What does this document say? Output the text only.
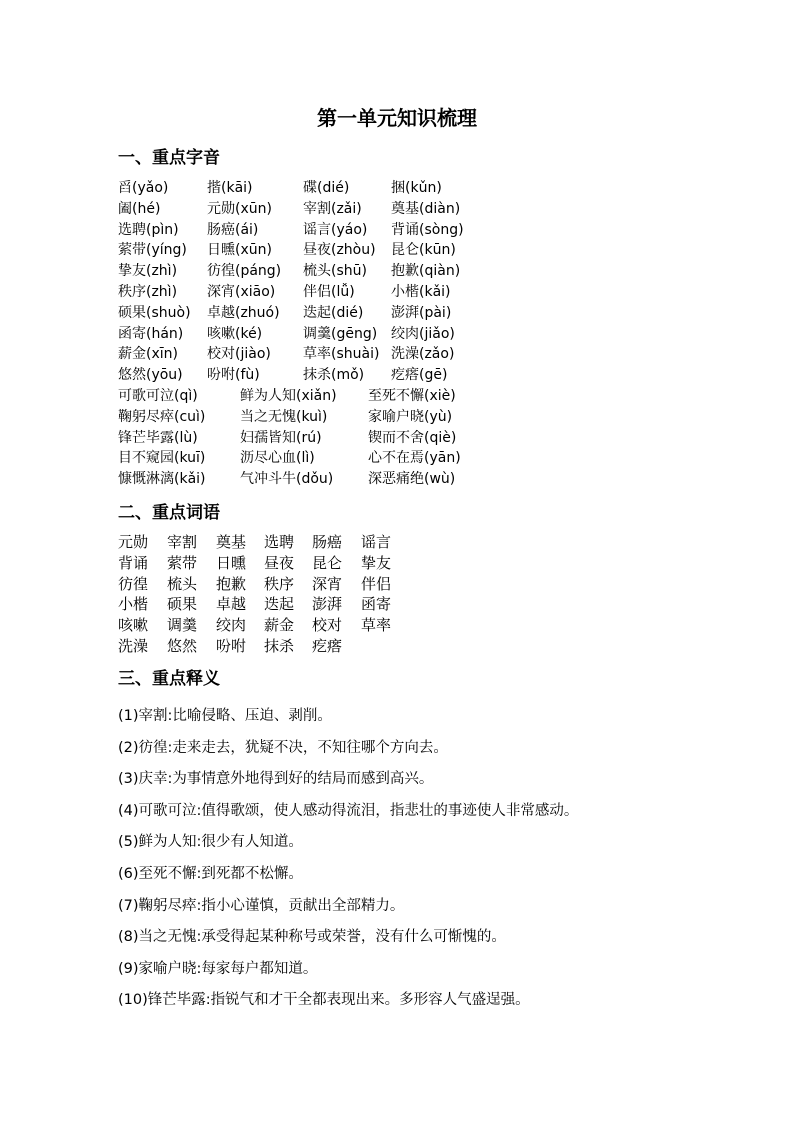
第一单元知识梳理
一、重点字音
舀(yǎo)	揩(kāi)	碟(dié)	捆(kǔn)
阖(hé)	元勋(xūn) 宰割(zǎi) 奠基(diàn)
选聘(pìn) 肠癌(ái)	谣言(yáo) 背诵(sòng)
萦带(yíng) 日曛(xūn) 昼夜(zhòu) 昆仑(kūn)
挚友(zhì) 彷徨(páng) 梳头(shū) 抱歉(qiàn)
秩序(zhì) 深宵(xiāo) 伴侣(lǚ)	小楷(kǎi)
硕果(shuò) 卓越(zhuó) 迭起(dié) 澎湃(pài)
函寄(hán) 咳嗽(ké)	调羹(gēng) 绞肉(jiǎo)
薪金(xīn) 校对(jiào) 草率(shuài) 洗澡(zǎo)
悠然(yōu) 吩咐(fù)	抹杀(mǒ) 疙瘩(gē)
可歌可泣(qì)	鲜为人知(xiǎn) 至死不懈(xiè)
鞠躬尽瘁(cuì) 当之无愧(kuì)	家喻户晓(yù)
锋芒毕露(lù)	妇孺皆知(rú)	锲而不舍(qiè)
目不窥园(kuī) 沥尽心血(lì)	心不在焉(yān)
慷慨淋漓(kǎi) 气冲斗牛(dǒu) 深恶痛绝(wù)
二、重点词语
元勋 宰割 奠基 选聘 肠癌 谣言
背诵 萦带 日曛 昼夜 昆仑 挚友
彷徨 梳头 抱歉 秩序 深宵 伴侣
小楷 硕果 卓越 迭起 澎湃 函寄
咳嗽 调羹 绞肉 薪金 校对 草率
洗澡 悠然 吩咐 抹杀 疙瘩
三、重点释义
(1)宰割:比喻侵略、压迫、剥削。
(2)彷徨:走来走去，犹疑不决，不知往哪个方向去。
(3)庆幸:为事情意外地得到好的结局而感到高兴。
(4)可歌可泣:值得歌颂，使人感动得流泪，指悲壮的事迹使人非常感动。
(5)鲜为人知:很少有人知道。
(6)至死不懈:到死都不松懈。
(7)鞠躬尽瘁:指小心谨慎，贡献出全部精力。
(8)当之无愧:承受得起某种称号或荣誉，没有什么可惭愧的。
(9)家喻户晓:每家每户都知道。
(10)锋芒毕露:指锐气和才干全都表现出来。多形容人气盛逞强。
